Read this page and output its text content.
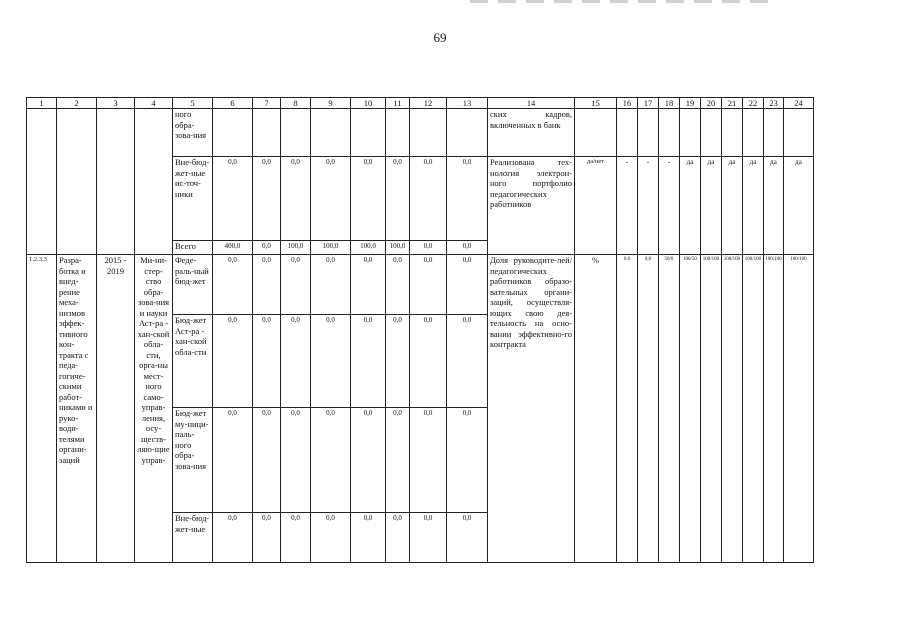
69
1	2	3	4	5	6	7	8	9	10	11	12	13	14	15	16	17	18	19	20	21	22	23	24
				ного обра-зова-ния									ских кадров, включенных в банк										
				Вне-бюд-жет-ные ис-точ-ники	0,0	0,0	0,0	0,0	0,0	0,0	0,0	0,0	Реализована тех-нология электрон-ного портфолио педагогических работников	да/нет	-	-	-	да	да	да	да	да	да
				Всего	400,0	0,0	100,0	100,0	100,0	100,0	0,0	0,0											
1.2.3.3	Разра-ботка и внед-рение меха-низмов эффек-тивного кон-тракта с педа-гогиче-скими работ-никами и руко-води-телями органи-заций	2015 - 2019	Ми-ни-стер-ство обра-зова-ния и науки Аст-ра - хан-ской обла-сти, орга-ны мест-ного само-управ-ления, осу-ществ-ляю-щие управ-	Феде-раль-ный бюд-жет	0,0	0,0	0,0	0,0	0,0	0,0	0,0	0,0	Доля руководите-лей/педагогических работников образо-вательных органи-заций, осуществля-ющих свою дея-тельность на осно-вании эффективно-го контракта	%	0,0	0,0	50/0	100/50	100/100	100/100	100/100	100/100	100/100
				Бюд-жет Аст-ра - хан-ской обла-сти	0,0	0,0	0,0	0,0	0,0	0,0	0,0	0,0											
				Бюд-жет му-ници-паль-ного обра-зова-ния	0,0	0,0	0,0	0,0	0,0	0,0	0,0	0,0											
				Вне-бюд-жет-ные	0,0	0,0	0,0	0,0	0,0	0,0	0,0	0,0											
